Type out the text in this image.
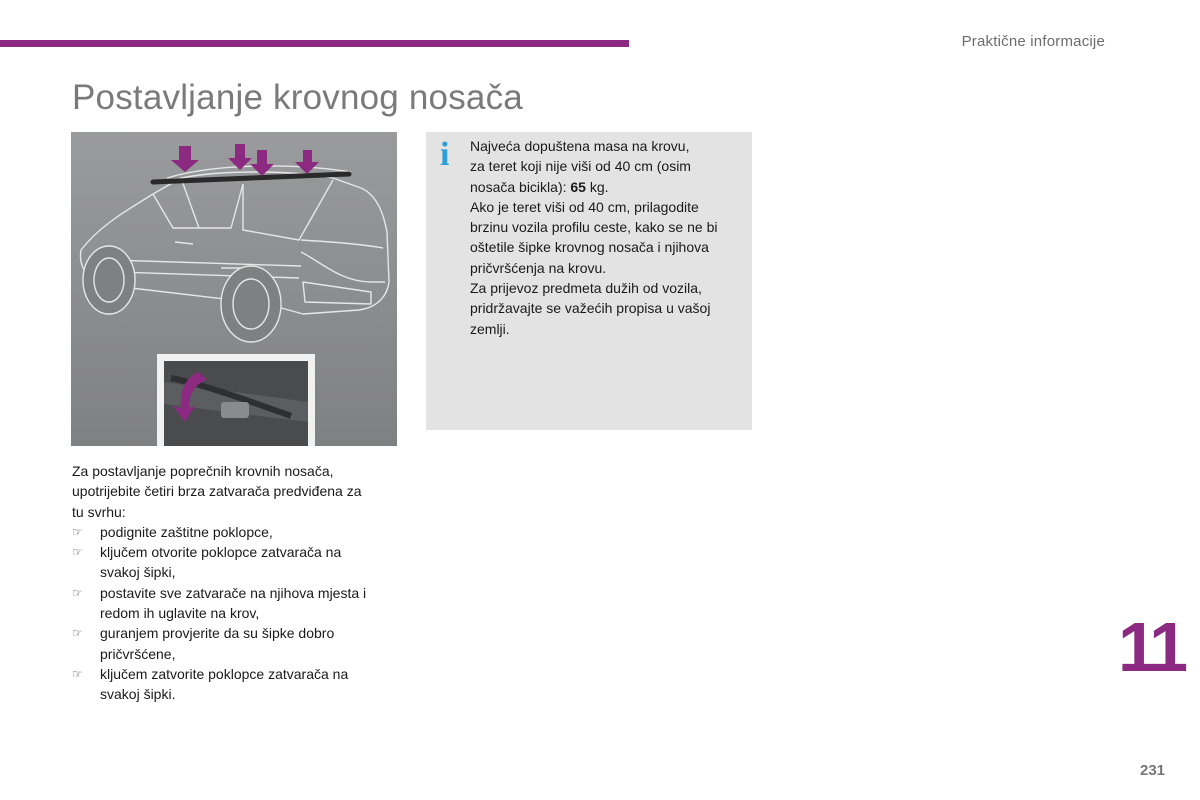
Praktične informacije
Postavljanje krovnog nosača
i Najveća dopuštena masa na krovu,

za teret koji nije viši od 40 cm (osim

nosača bicikla): 65 kg.

Ako je teret viši od 40 cm, prilagodite

brzinu vozila profilu ceste, kako se ne bi

oštetile šipke krovnog nosača i njihova

pričvršćenja na krovu.

Za prijevoz predmeta dužih od vozila,

pridržavajte se važećih propisa u vašoj

zemlji.

Za postavljanje poprečnih krovnih nosača,

upotrijebite četiri brza zatvarača predviđena za

tu svrhu:

☞ podignite zaštitne poklopce,
☞ ključem otvorite poklopce zatvarača na
svakoj šipki,
☞ postavite sve zatvarače na njihova mjesta i
redom ih uglavite na krov,
☞ guranjem provjerite da su šipke dobro
pričvršćene,
☞ ključem zatvorite poklopce zatvarača na
svakoj šipki.
11
231
